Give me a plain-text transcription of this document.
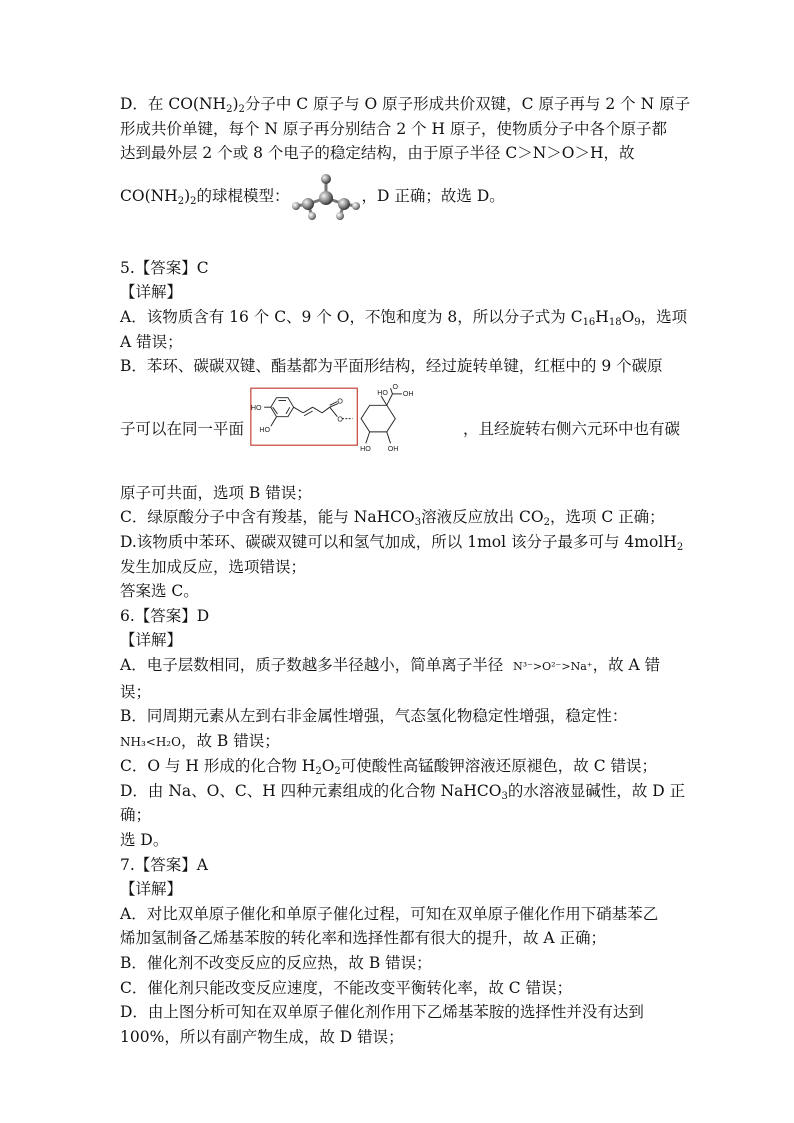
D．在 $CO(NH_2)_2$分子中 C 原子与 O 原子形成共价双键，C 原子再与 2 个 N 原子
形成共价单键，每个 N 原子再分别结合 2 个 H 原子，使物质分子中各个原子都
达到最外层 2 个或 8 个电子的稳定结构，由于原子半径 C＞N＞O＞H，故
$CO(NH_2)_2$的球棍模型：	，D 正确；故选 D。
5.【答案】C
【详解】
A．该物质含有 16 个 C、9 个 O，不饱和度为 8，所以分子式为 $C_{16}H_{18}O_9$，选项
A 错误；
B．苯环、碳碳双键、酯基都为平面形结构，经过旋转单键，红框中的 9 个碳原
子可以在同一平面
HO
HO
O
O
HO OH
O
HO OH
，且经旋转右侧六元环中也有碳
原子可共面，选项 B 错误；
C．绿原酸分子中含有羧基，能与 NaHCO$_3$溶液反应放出 $CO_2$，选项 C 正确；
D.该物质中苯环、碳碳双键可以和氢气加成，所以 1mol 该分子最多可与 4molH$_2$
发生加成反应，选项错误；
答案选 C。
6.【答案】D
【详解】
A．电子层数相同，质子数越多半径越小，简单离子半径 N³⁻>O²⁻>Na⁺，故 A 错
误；
B．同周期元素从左到右非金属性增强，气态氢化物稳定性增强，稳定性：
NH₃<H₂O，故 B 错误；
C．O 与 H 形成的化合物 $H_2O_2$可使酸性高锰酸钾溶液还原褪色，故 C 错误；
D．由 Na、O、C、H 四种元素组成的化合物 NaHCO$_3$的水溶液显碱性，故 D 正
确；
选 D。
7.【答案】A
【详解】
A．对比双单原子催化和单原子催化过程，可知在双单原子催化作用下硝基苯乙
烯加氢制备乙烯基苯胺的转化率和选择性都有很大的提升，故 A 正确；
B．催化剂不改变反应的反应热，故 B 错误；
C．催化剂只能改变反应速度，不能改变平衡转化率，故 C 错误；
D．由上图分析可知在双单原子催化剂作用下乙烯基苯胺的选择性并没有达到
100%，所以有副产物生成，故 D 错误；
